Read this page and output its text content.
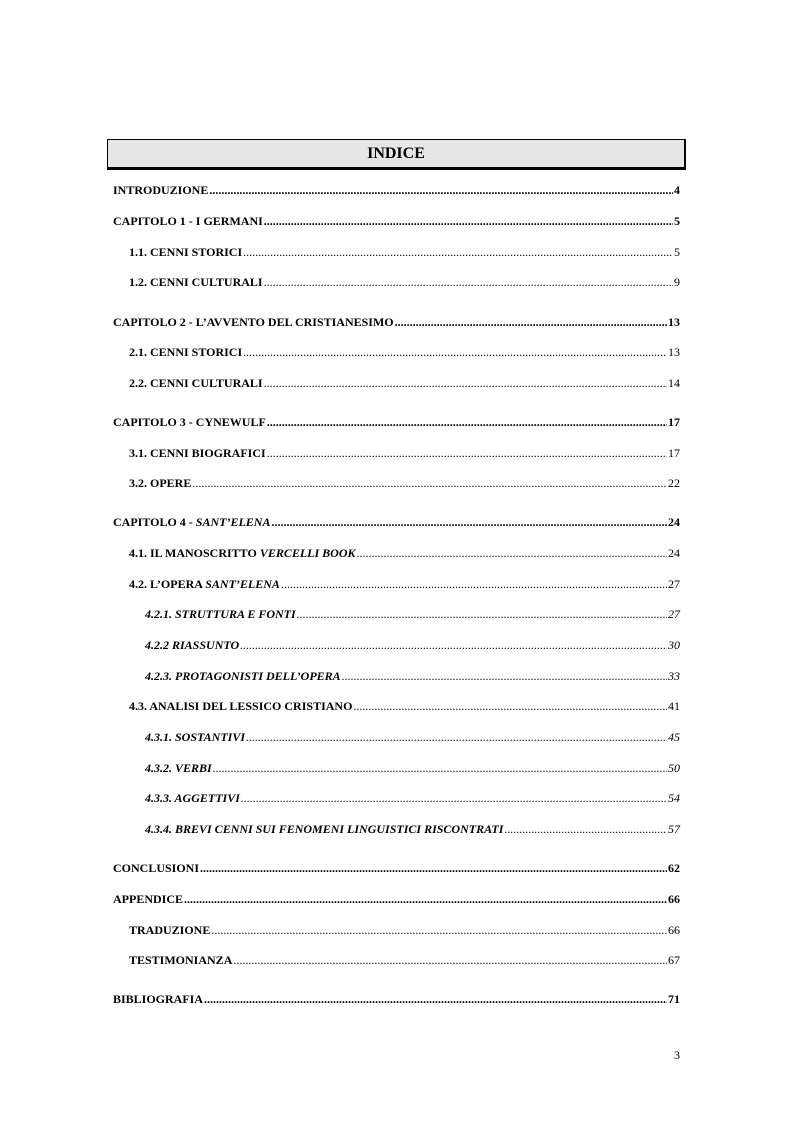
INDICE
INTRODUZIONE .....	4
CAPITOLO 1 - I GERMANI .....	5
1.1. CENNI STORICI .....	5
1.2. CENNI CULTURALI .....	9
CAPITOLO 2 - L’AVVENTO DEL CRISTIANESIMO .....	13
2.1. CENNI STORICI .....	13
2.2. CENNI CULTURALI .....	14
CAPITOLO 3 - CYNEWULF .....	17
3.1. CENNI BIOGRAFICI .....	17
3.2. OPERE .....	22
CAPITOLO 4 - SANT’ELENA .....	24
4.1. IL MANOSCRITTO VERCELLI BOOK .....	24
4.2. L’OPERA SANT’ELENA .....	27
4.2.1. STRUTTURA E FONTI .....	27
4.2.2 RIASSUNTO .....	30
4.2.3. PROTAGONISTI DELL’OPERA .....	33
4.3. ANALISI DEL LESSICO CRISTIANO .....	41
4.3.1. SOSTANTIVI .....	45
4.3.2. VERBI .....	50
4.3.3. AGGETTIVI .....	54
4.3.4. BREVI CENNI SUI FENOMENI LINGUISTICI RISCONTRATI .....	57
CONCLUSIONI .....	62
APPENDICE .....	66
TRADUZIONE .....	66
TESTIMONIANZA .....	67
BIBLIOGRAFIA .....	71
3
